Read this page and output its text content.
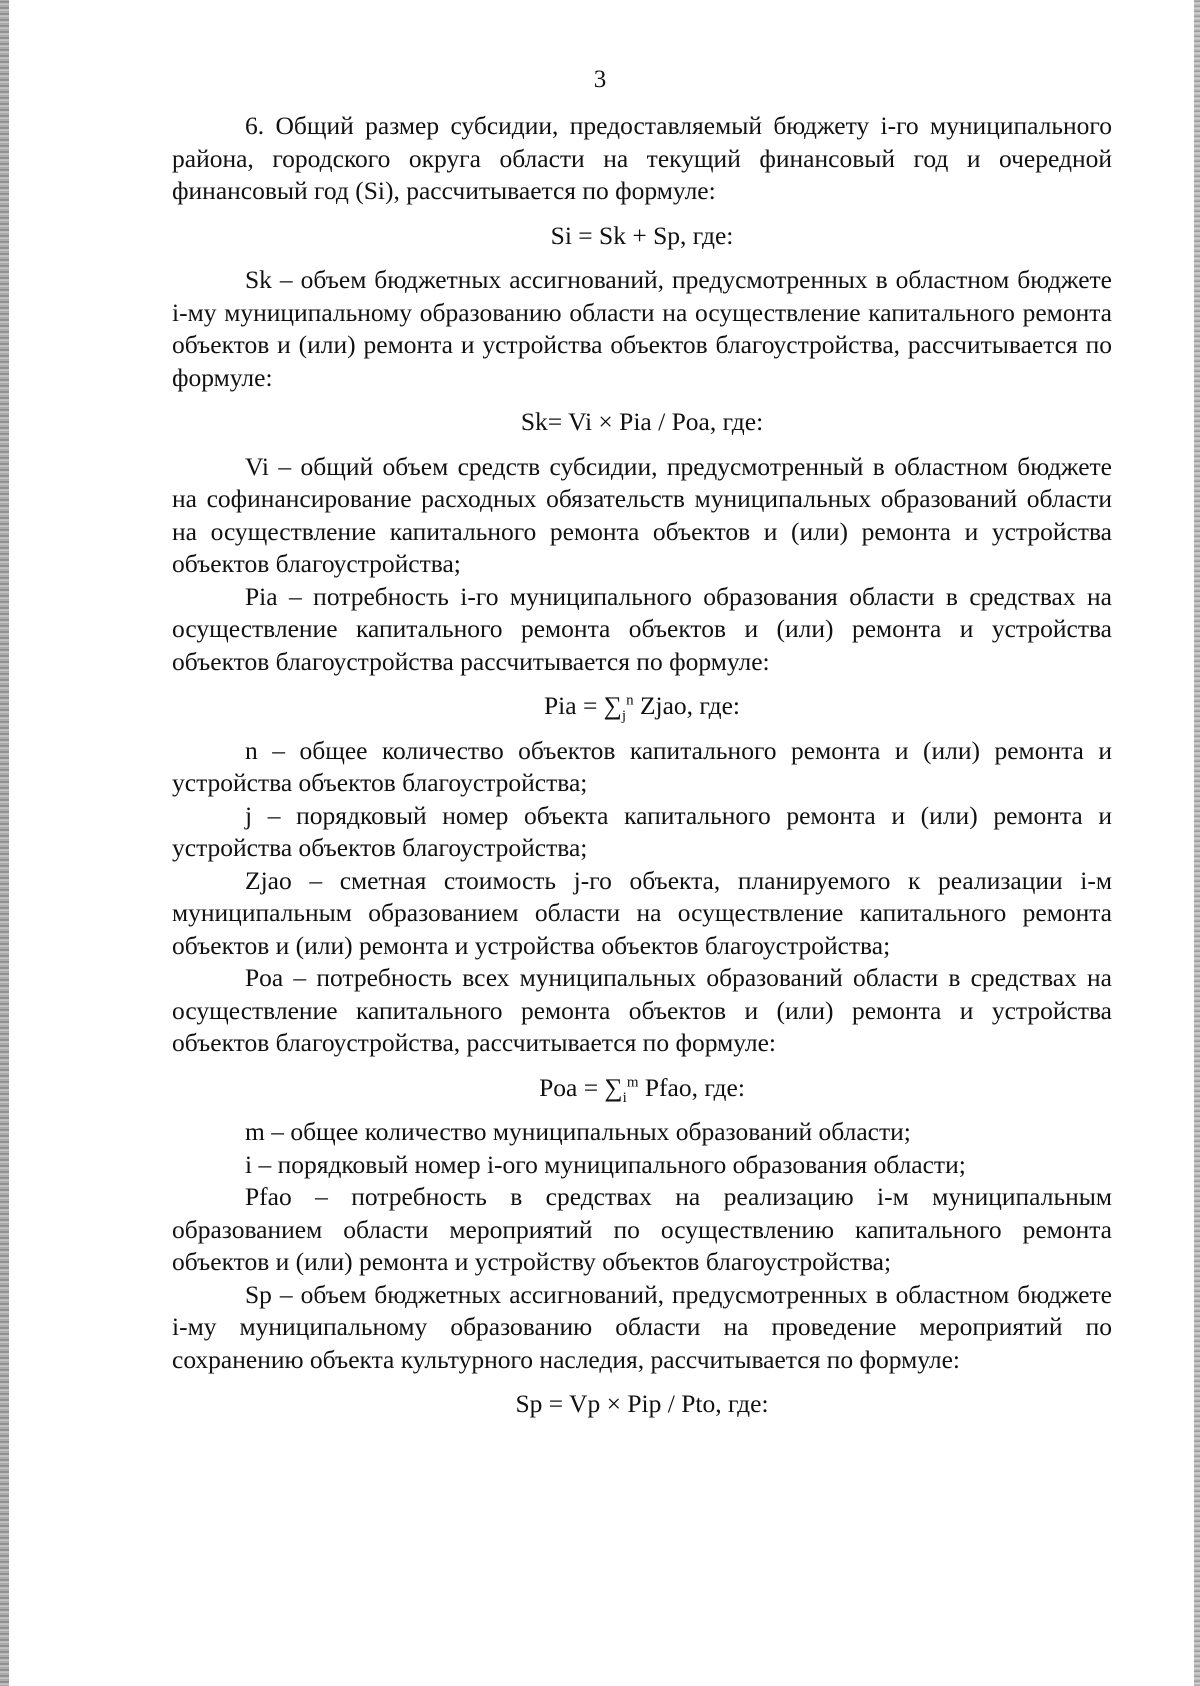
3

6. Общий размер субсидии, предоставляемый бюджету i-го муниципального района, городского округа области на текущий финансовый год и очередной финансовый год (Si), рассчитывается по формуле:

Si = Sk + Sp, где:

Sk – объем бюджетных ассигнований, предусмотренных в областном бюджете i-му муниципальному образованию области на осуществление капитального ремонта объектов и (или) ремонта и устройства объектов благоустройства, рассчитывается по формуле:

Sk= Vi × Pia / Poa, где:

Vi – общий объем средств субсидии, предусмотренный в областном бюджете на софинансирование расходных обязательств муниципальных образований области на осуществление капитального ремонта объектов и (или) ремонта и устройства объектов благоустройства;

Pia – потребность i-го муниципального образования области в средствах на осуществление капитального ремонта объектов и (или) ремонта и устройства объектов благоустройства рассчитывается по формуле:

Pia = $\sum_j^n$ Zjao, где:

n – общее количество объектов капитального ремонта и (или) ремонта и устройства объектов благоустройства;

j – порядковый номер объекта капитального ремонта и (или) ремонта и устройства объектов благоустройства;

Zjao – сметная стоимость j-го объекта, планируемого к реализации i-м муниципальным образованием области на осуществление капитального ремонта объектов и (или) ремонта и устройства объектов благоустройства;

Poa – потребность всех муниципальных образований области в средствах на осуществление капитального ремонта объектов и (или) ремонта и устройства объектов благоустройства, рассчитывается по формуле:

Poa = $\sum_i^m$ Pfao, где:

m – общее количество муниципальных образований области;

i – порядковый номер i-ого муниципального образования области;

Pfao – потребность в средствах на реализацию i-м муниципальным образованием области мероприятий по осуществлению капитального ремонта объектов и (или) ремонта и устройству объектов благоустройства;

Sp – объем бюджетных ассигнований, предусмотренных в областном бюджете i-му муниципальному образованию области на проведение мероприятий по сохранению объекта культурного наследия, рассчитывается по формуле:

Sp = Vp × Pip / Pto, где:
